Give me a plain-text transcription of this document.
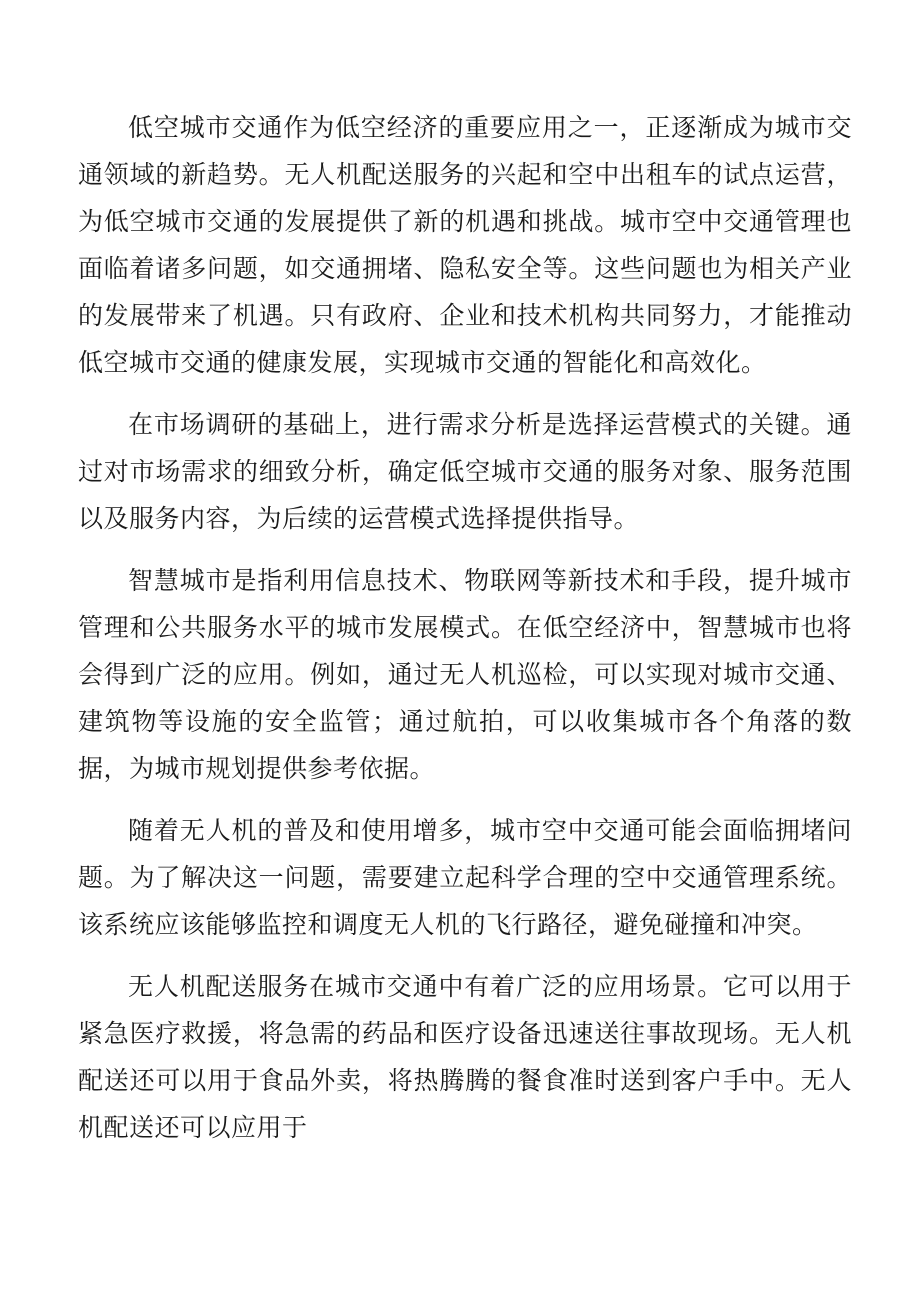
低空城市交通作为低空经济的重要应用之一，正逐渐成为城市交通领域的新趋势。无人机配送服务的兴起和空中出租车的试点运营，为低空城市交通的发展提供了新的机遇和挑战。城市空中交通管理也面临着诸多问题，如交通拥堵、隐私安全等。这些问题也为相关产业的发展带来了机遇。只有政府、企业和技术机构共同努力，才能推动低空城市交通的健康发展，实现城市交通的智能化和高效化。

在市场调研的基础上，进行需求分析是选择运营模式的关键。通过对市场需求的细致分析，确定低空城市交通的服务对象、服务范围以及服务内容，为后续的运营模式选择提供指导。

智慧城市是指利用信息技术、物联网等新技术和手段，提升城市管理和公共服务水平的城市发展模式。在低空经济中，智慧城市也将会得到广泛的应用。例如，通过无人机巡检，可以实现对城市交通、建筑物等设施的安全监管；通过航拍，可以收集城市各个角落的数据，为城市规划提供参考依据。

随着无人机的普及和使用增多，城市空中交通可能会面临拥堵问题。为了解决这一问题，需要建立起科学合理的空中交通管理系统。该系统应该能够监控和调度无人机的飞行路径，避免碰撞和冲突。

无人机配送服务在城市交通中有着广泛的应用场景。它可以用于紧急医疗救援，将急需的药品和医疗设备迅速送往事故现场。无人机配送还可以用于食品外卖，将热腾腾的餐食准时送到客户手中。无人机配送还可以应用于
